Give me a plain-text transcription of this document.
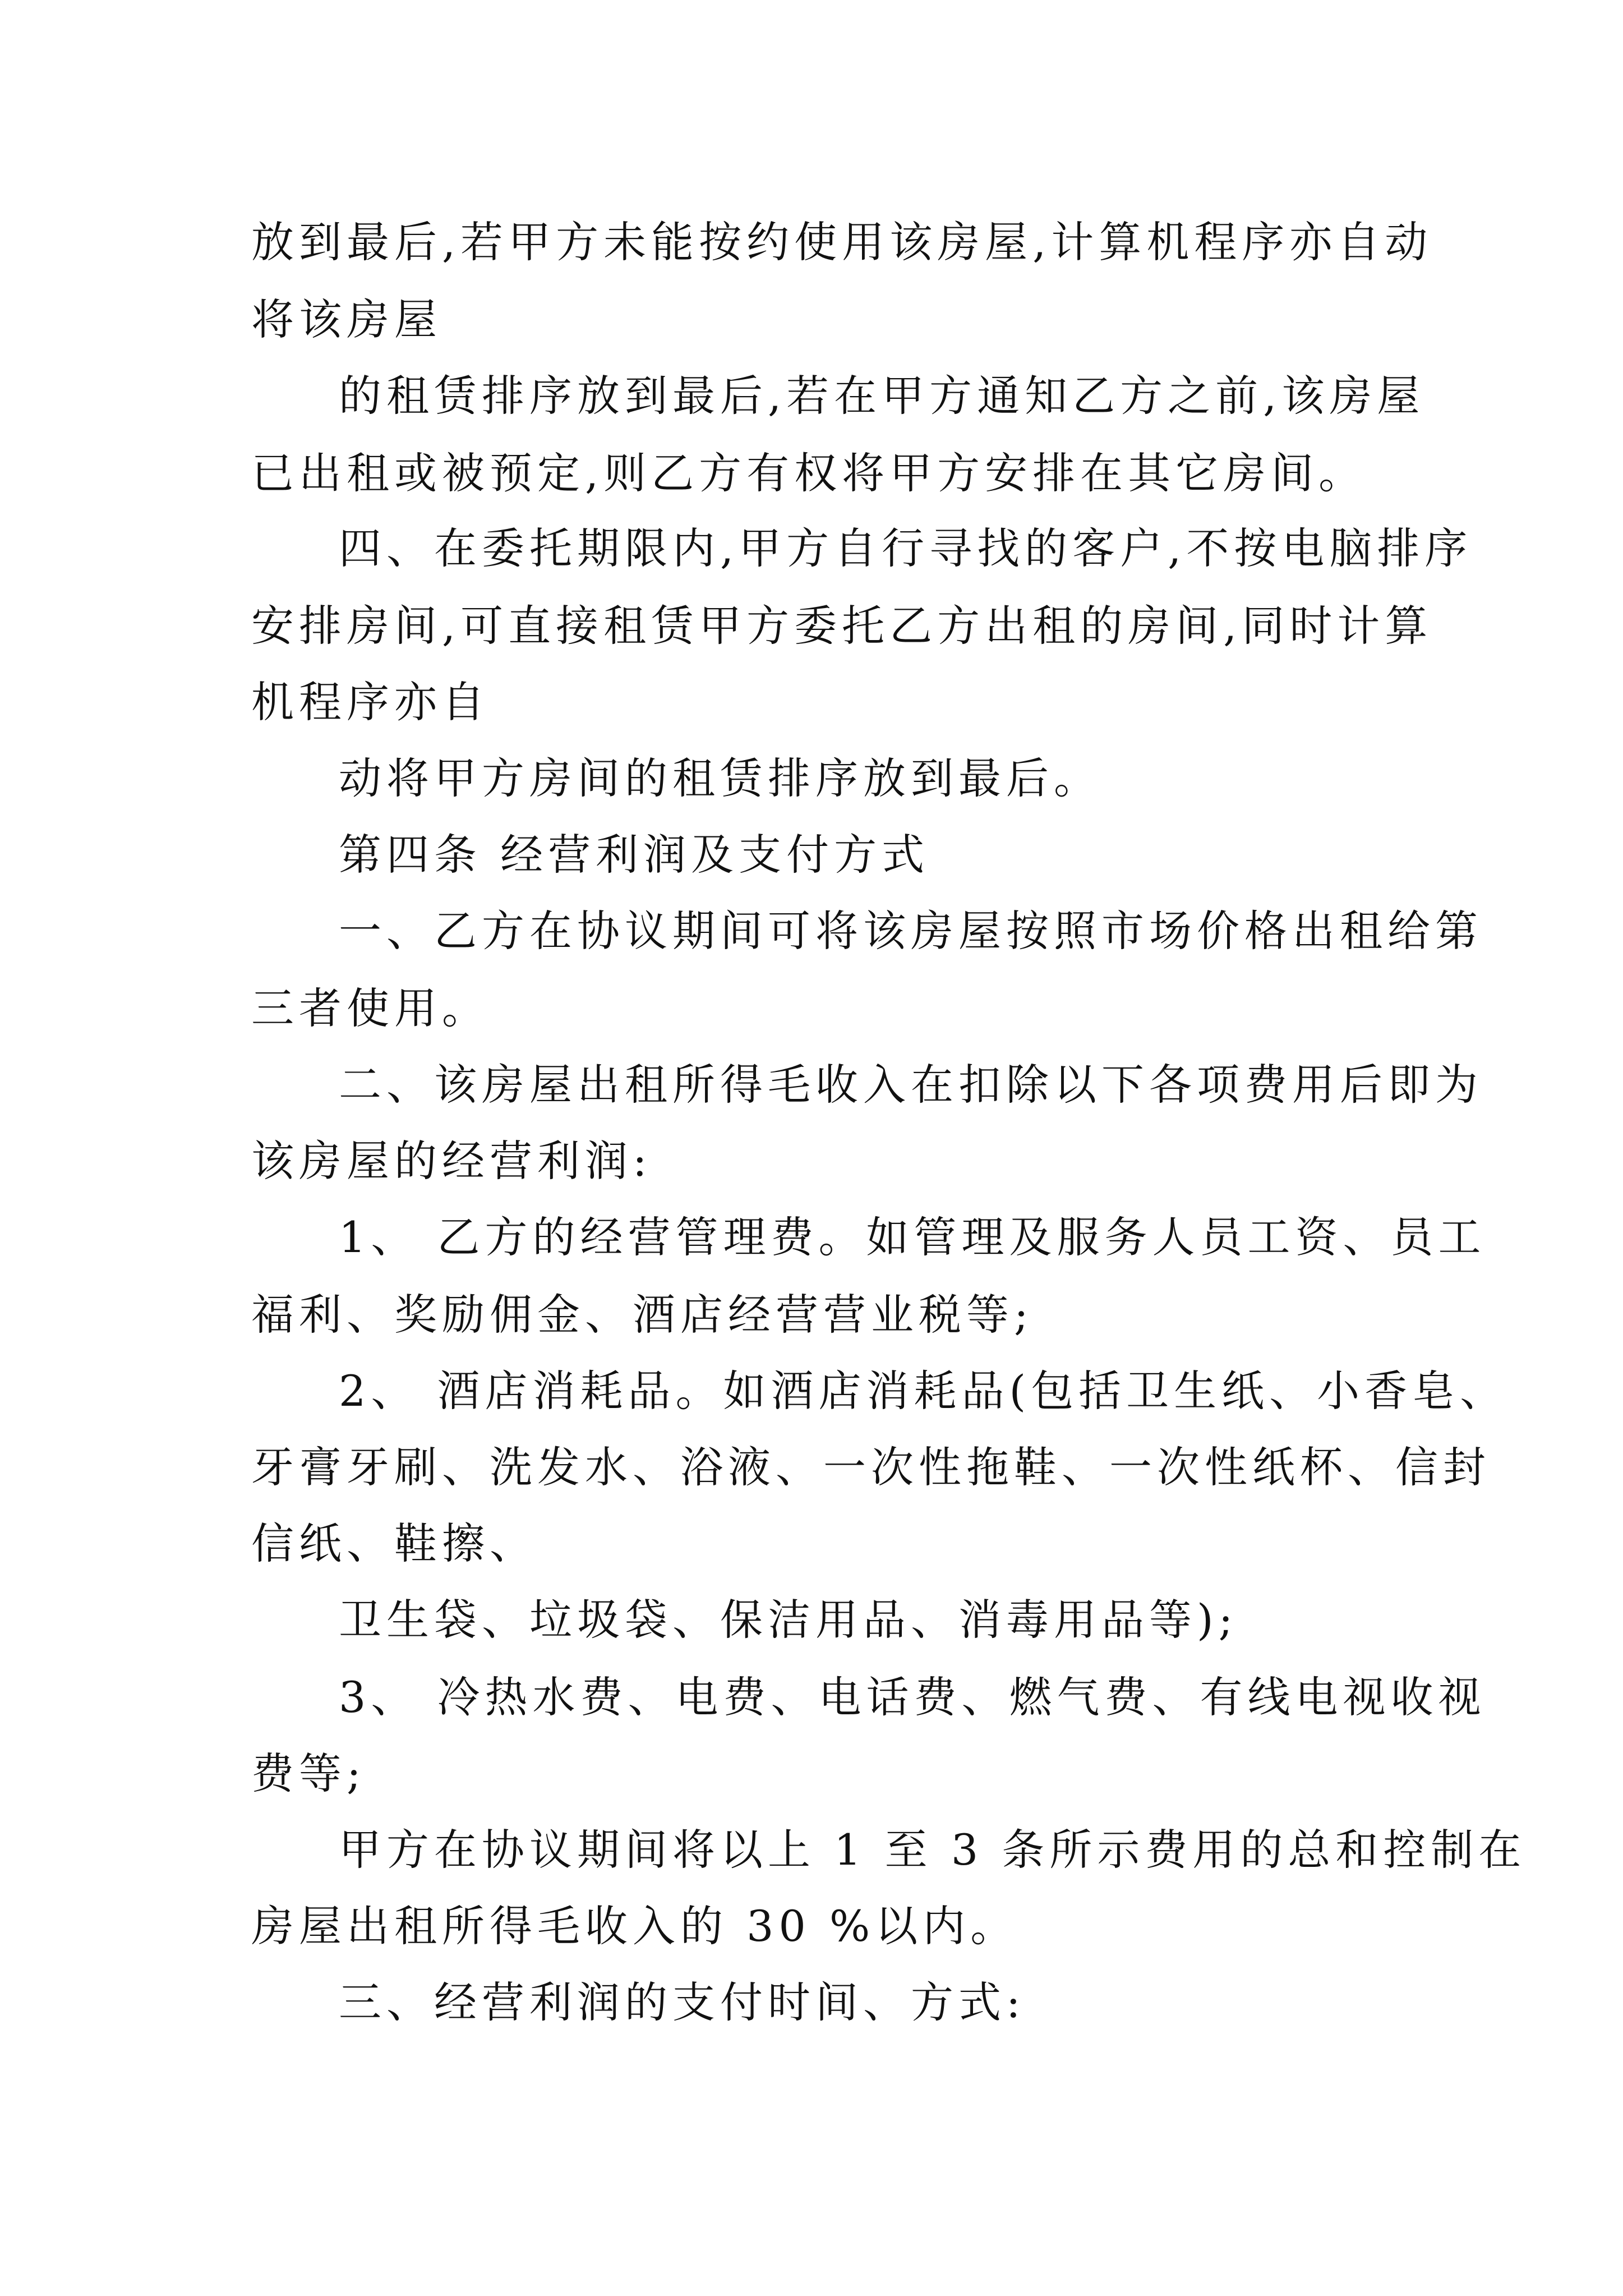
放到最后,若甲方未能按约使用该房屋,计算机程序亦自动
将该房屋
的租赁排序放到最后,若在甲方通知乙方之前,该房屋
已出租或被预定,则乙方有权将甲方安排在其它房间。
四、在委托期限内,甲方自行寻找的客户,不按电脑排序
安排房间,可直接租赁甲方委托乙方出租的房间,同时计算
机程序亦自
动将甲方房间的租赁排序放到最后。
第四条 经营利润及支付方式
一、乙方在协议期间可将该房屋按照市场价格出租给第
三者使用。
二、该房屋出租所得毛收入在扣除以下各项费用后即为
该房屋的经营利润:
1、 乙方的经营管理费。如管理及服务人员工资、员工
福利、奖励佣金、酒店经营营业税等;
2、 酒店消耗品。如酒店消耗品(包括卫生纸、小香皂、
牙膏牙刷、洗发水、浴液、一次性拖鞋、一次性纸杯、信封
信纸、鞋擦、
卫生袋、垃圾袋、保洁用品、消毒用品等);
3、 冷热水费、电费、电话费、燃气费、有线电视收视
费等;
甲方在协议期间将以上 1 至 3 条所示费用的总和控制在
房屋出租所得毛收入的 30 %以内。
三、经营利润的支付时间、方式:
